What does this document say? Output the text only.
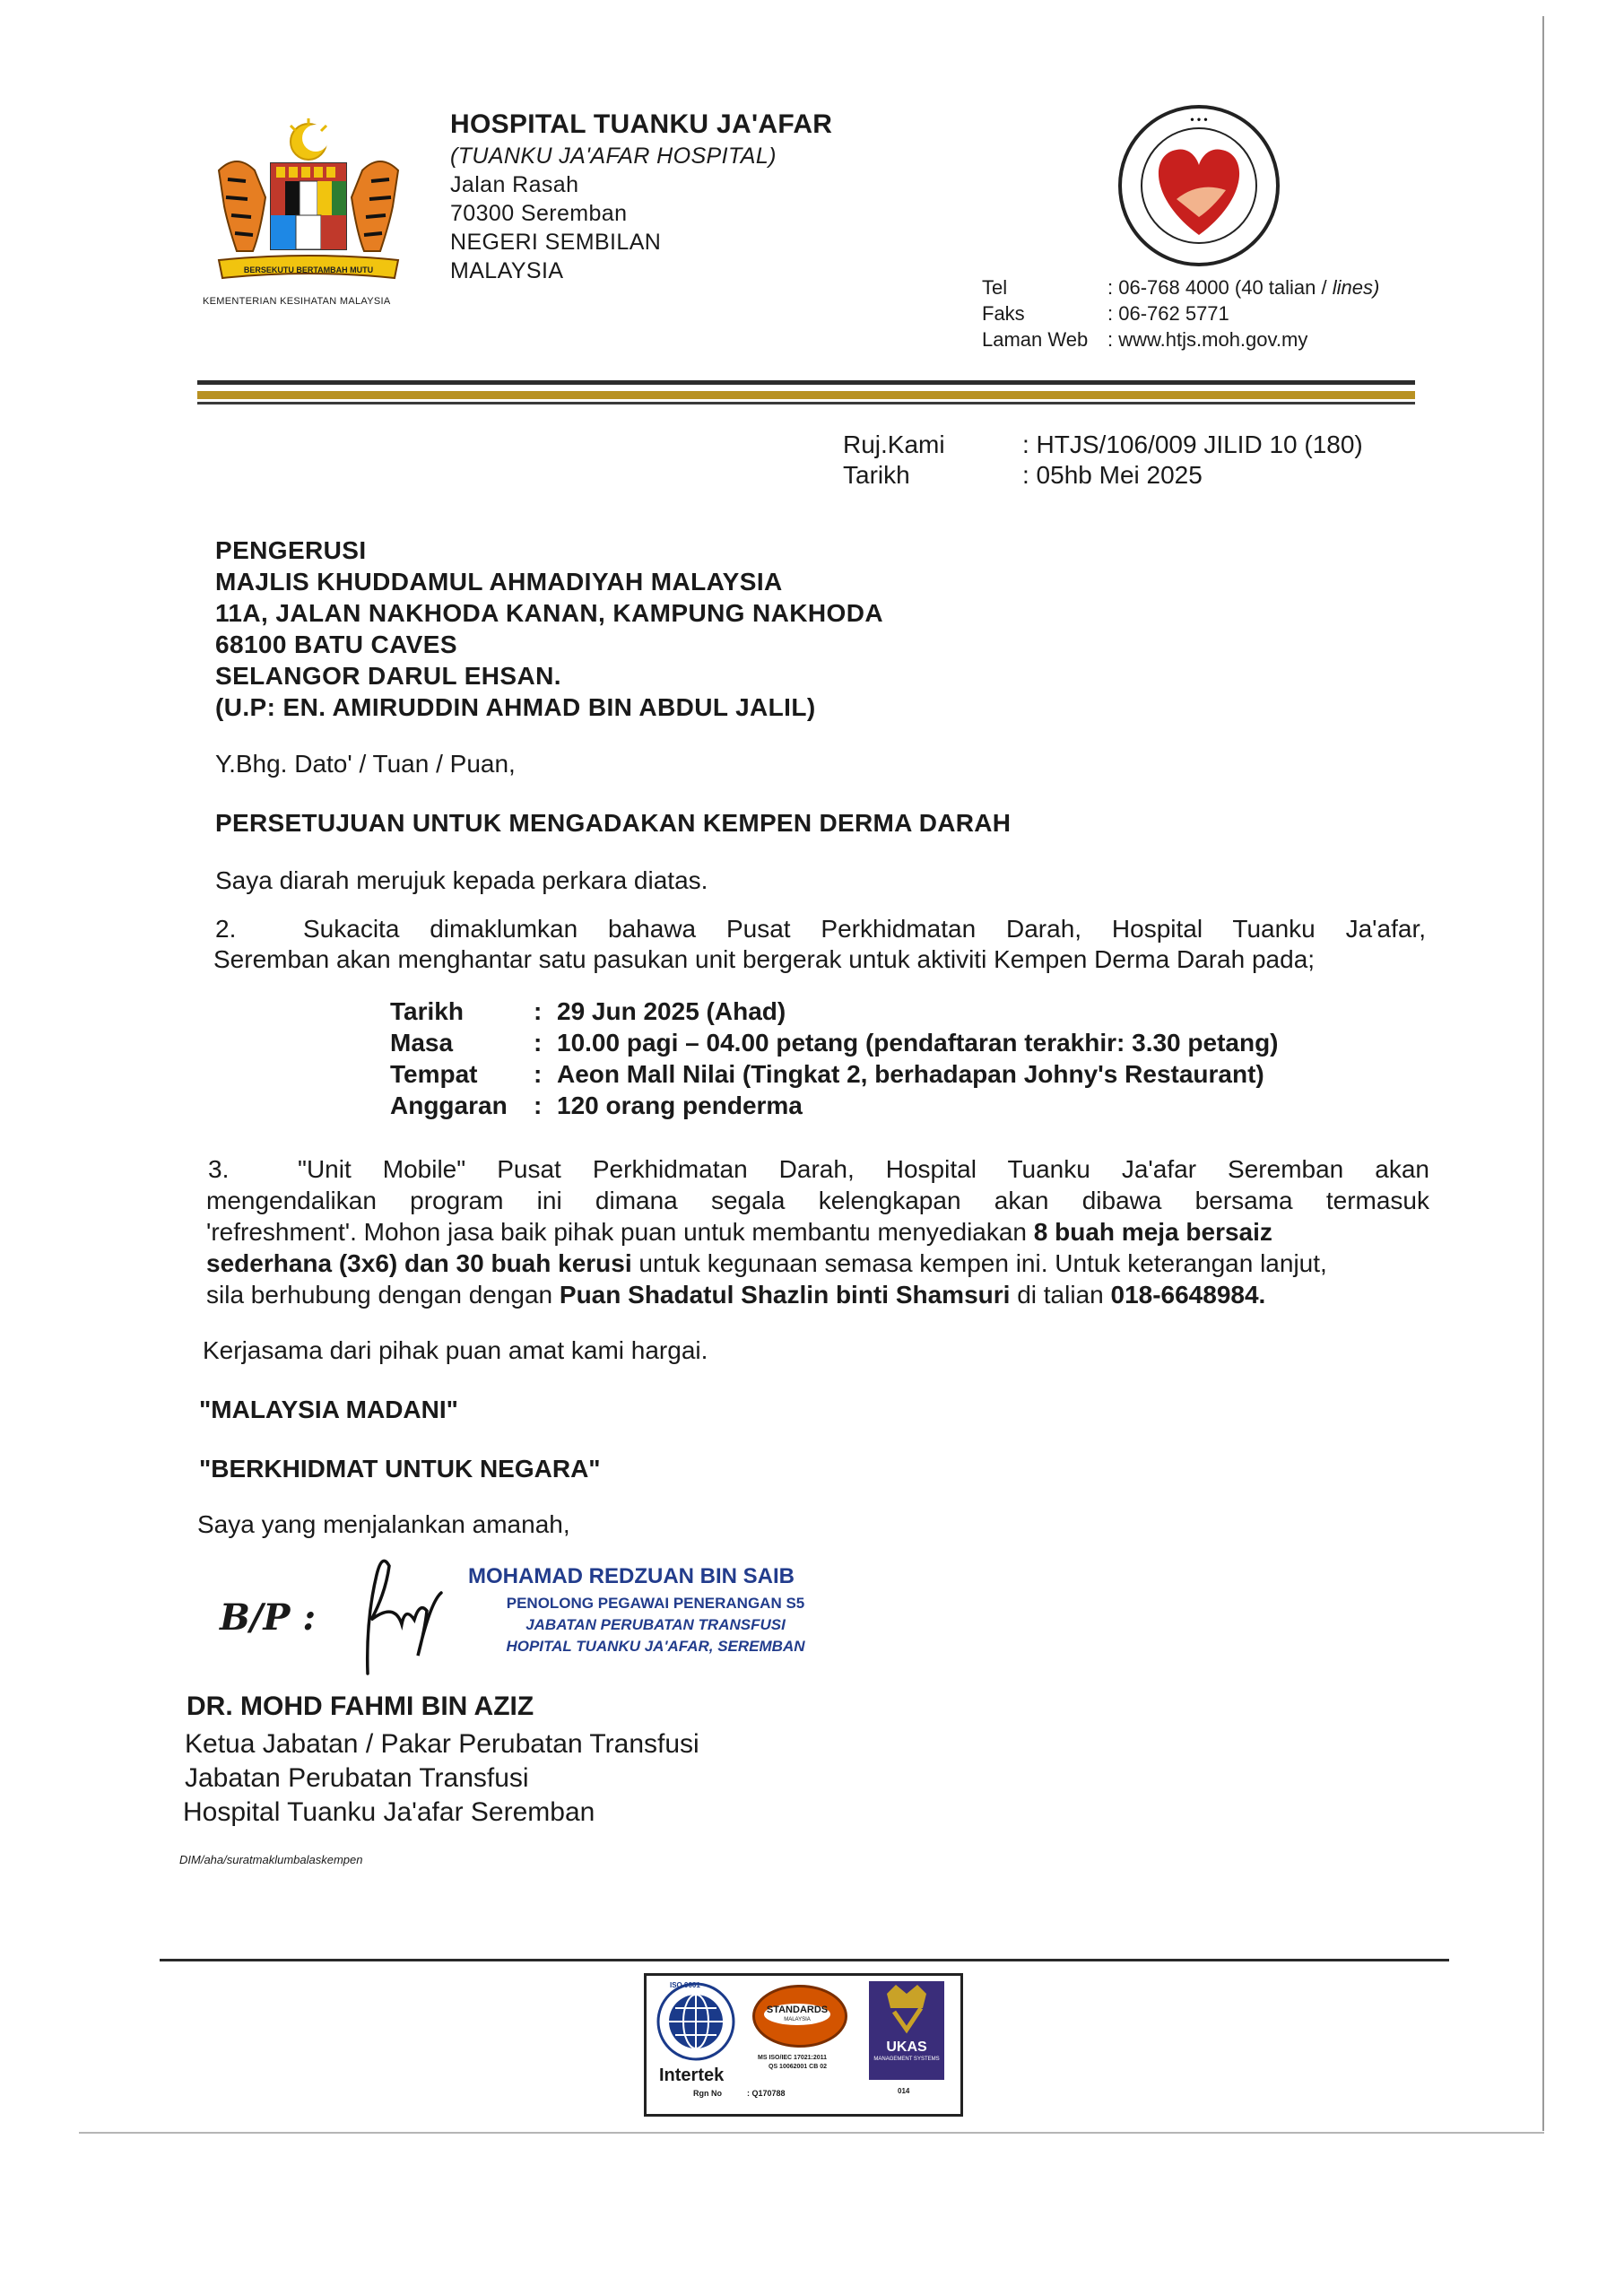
BERSEKUTU BERTAMBAH MUTU
KEMENTERIAN KESIHATAN MALAYSIA
HOSPITAL TUANKU JA'AFAR
(TUANKU JA'AFAR HOSPITAL)
Jalan Rasah
70300 Seremban
NEGERI SEMBILAN
MALAYSIA
• • •
Tel	: 06-768 4000 (40 talian / lines)
Faks	: 06-762 5771
Laman Web : www.htjs.moh.gov.my
Ruj.Kami	: HTJS/106/009 JILID 10 (180)
Tarikh	: 05hb Mei 2025
PENGERUSI
MAJLIS KHUDDAMUL AHMADIYAH MALAYSIA
11A, JALAN NAKHODA KANAN, KAMPUNG NAKHODA
68100 BATU CAVES
SELANGOR DARUL EHSAN.
(U.P: EN. AMIRUDDIN AHMAD BIN ABDUL JALIL)
Y.Bhg. Dato' / Tuan / Puan,
PERSETUJUAN UNTUK MENGADAKAN KEMPEN DERMA DARAH
Saya diarah merujuk kepada perkara diatas.
2.	Sukacita dimaklumkan bahawa Pusat Perkhidmatan Darah, Hospital Tuanku Ja'afar,
Seremban akan menghantar satu pasukan unit bergerak untuk aktiviti Kempen Derma Darah pada;
Tarikh	: 29 Jun 2025 (Ahad)
Masa	: 10.00 pagi – 04.00 petang (pendaftaran terakhir: 3.30 petang)
Tempat : Aeon Mall Nilai (Tingkat 2, berhadapan Johny's Restaurant)
Anggaran : 120 orang penderma
3.	"Unit Mobile" Pusat Perkhidmatan Darah, Hospital Tuanku Ja'afar Seremban akan
mengendalikan program ini dimana segala kelengkapan akan dibawa bersama termasuk
'refreshment'. Mohon jasa baik pihak puan untuk membantu menyediakan 8 buah meja bersaiz
sederhana (3x6) dan 30 buah kerusi untuk kegunaan semasa kempen ini. Untuk keterangan lanjut,
sila berhubung dengan dengan Puan Shadatul Shazlin binti Shamsuri di talian 018-6648984.
Kerjasama dari pihak puan amat kami hargai.
"MALAYSIA MADANI"
"BERKHIDMAT UNTUK NEGARA"
Saya yang menjalankan amanah,
B/P :
MOHAMAD REDZUAN BIN SAIB
PENOLONG PEGAWAI PENERANGAN S5
JABATAN PERUBATAN TRANSFUSI
HOPITAL TUANKU JA'AFAR, SEREMBAN
DR. MOHD FAHMI BIN AZIZ
Ketua Jabatan / Pakar Perubatan Transfusi
Jabatan Perubatan Transfusi
Hospital Tuanku Ja'afar Seremban
DIM/aha/suratmaklumbalaskempen
ISO 9001
Intertek
Rgn No	: Q170788
STANDARDS
MALAYSIA
MS ISO/IEC 17021:2011
QS 10062001 CB 02
UKAS
MANAGEMENT SYSTEMS
014
